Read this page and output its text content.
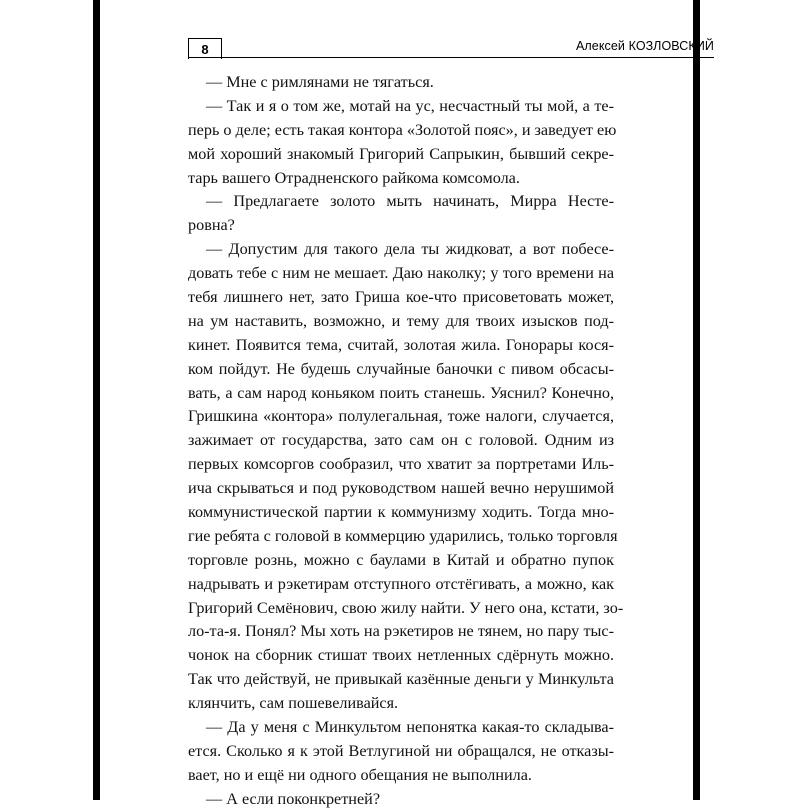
8	Алексей КОЗЛОВСКИЙ
— Мне с римлянами не тягаться.
— Так и я о том же, мотай на ус, несчастный ты мой, а те-
перь о деле; есть такая контора «Золотой пояс», и заведует ею
мой хороший знакомый Григорий Сапрыкин, бывший секре-
тарь вашего Отрадненского райкома комсомола.
— Предлагаете золото мыть начинать, Мирра Несте-
ровна?
— Допустим для такого дела ты жидковат, а вот побесе-
довать тебе с ним не мешает. Даю наколку; у того времени на
тебя лишнего нет, зато Гриша кое-что присоветовать может,
на ум наставить, возможно, и тему для твоих изысков под-
кинет. Появится тема, считай, золотая жила. Гонорары кося-
ком пойдут. Не будешь случайные баночки с пивом обсасы-
вать, а сам народ коньяком поить станешь. Уяснил? Конечно,
Гришкина «контора» полулегальная, тоже налоги, случается,
зажимает от государства, зато сам он с головой. Одним из
первых комсоргов сообразил, что хватит за портретами Иль-
ича скрываться и под руководством нашей вечно нерушимой
коммунистической партии к коммунизму ходить. Тогда мно-
гие ребята с головой в коммерцию ударились, только торговля
торговле рознь, можно с баулами в Китай и обратно пупок
надрывать и рэкетирам отступного отстёгивать, а можно, как
Григорий Семёнович, свою жилу найти. У него она, кстати, зо-
ло-та-я. Понял? Мы хоть на рэкетиров не тянем, но пару тыс-
чонок на сборник стишат твоих нетленных сдёрнуть можно.
Так что действуй, не привыкай казённые деньги у Минкульта
клянчить, сам пошевеливайся.
— Да у меня с Минкультом непонятка какая-то складыва-
ется. Сколько я к этой Ветлугиной ни обращался, не отказы-
вает, но и ещё ни одного обещания не выполнила.
— А если поконкретней?
